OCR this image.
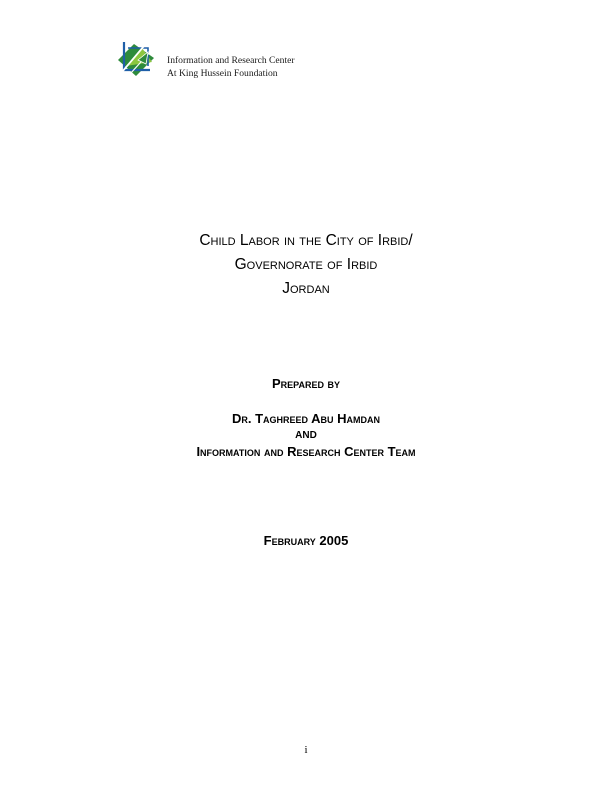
Information and Research Center
At King Hussein Foundation
Child Labor in the City of Irbid/
Governorate of Irbid
Jordan
Prepared by
Dr. Taghreed Abu Hamdan
AND
Information and Research Center Team
February 2005
i
